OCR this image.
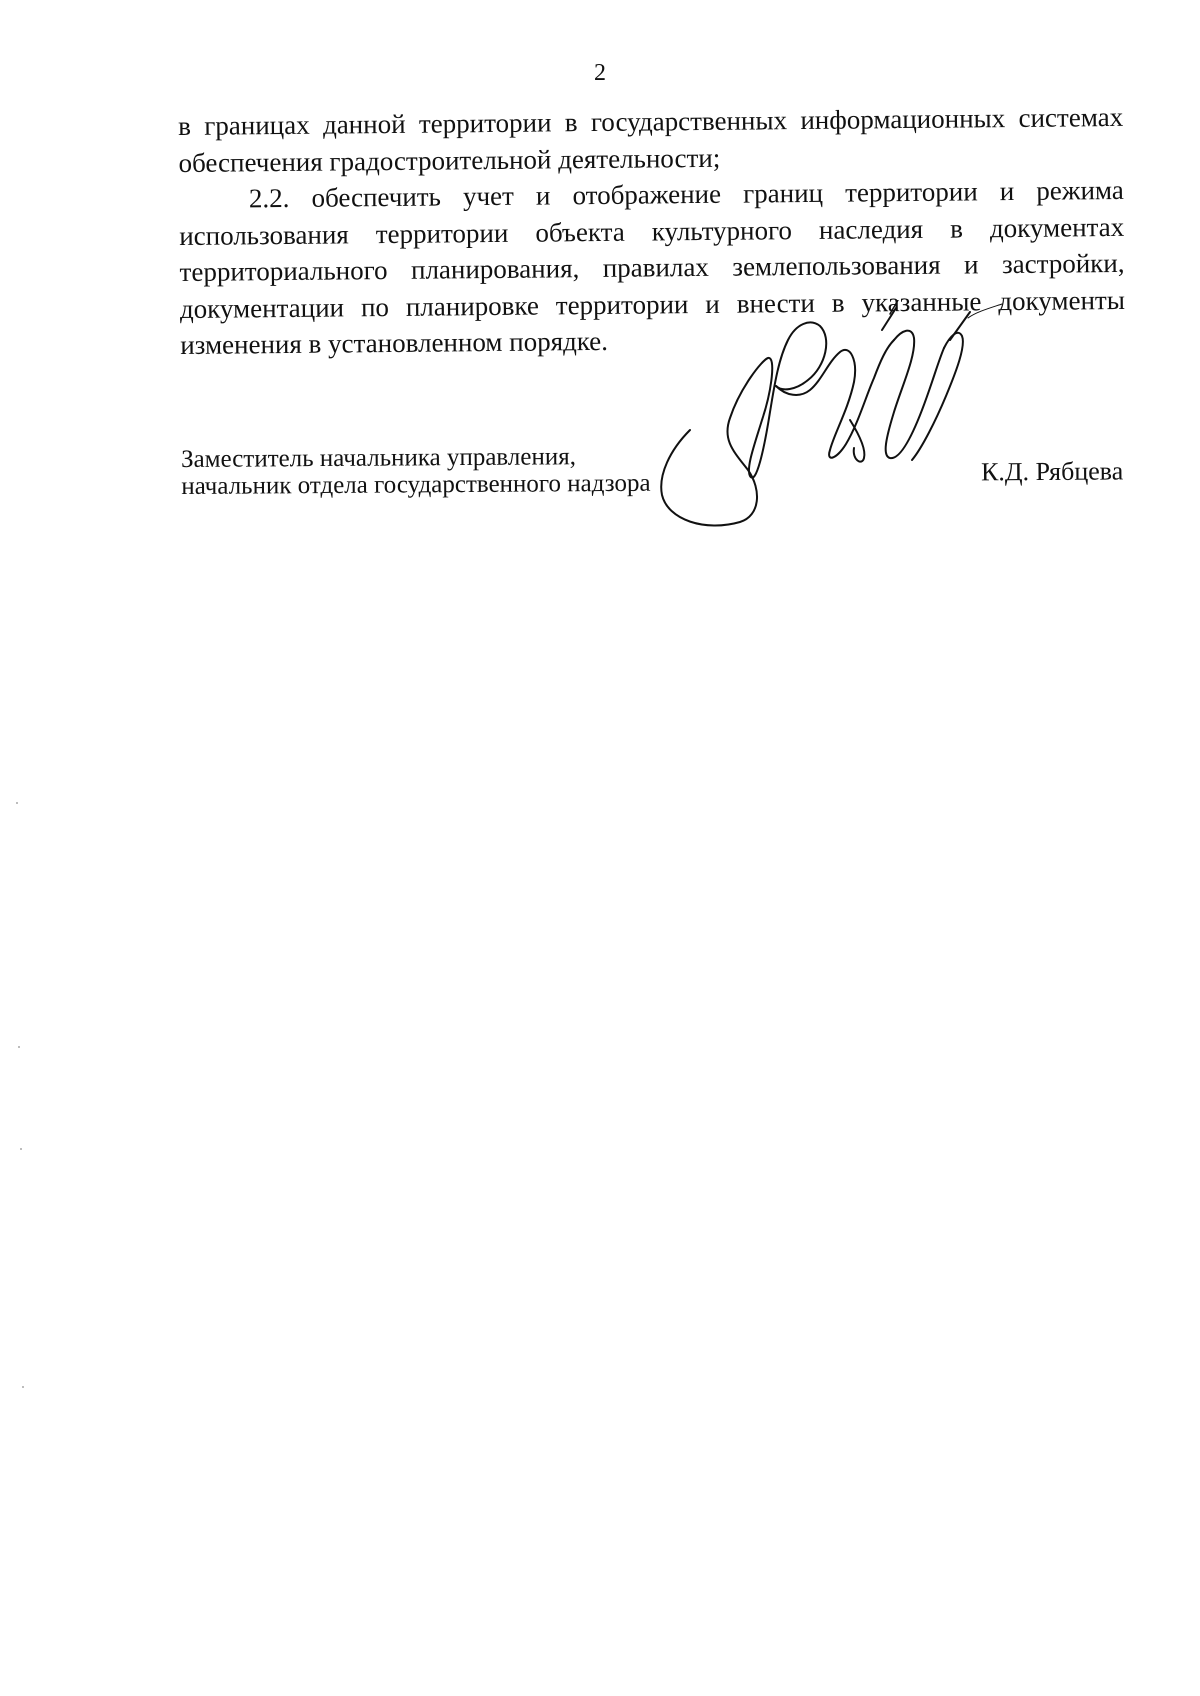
2

в границах данной территории в государственных информационных системах обеспечения градостроительной деятельности;

2.2. обеспечить учет и отображение границ территории и режима использования территории объекта культурного наследия в документах территориального планирования, правилах землепользования и застройки, документации по планировке территории и внести в указанные документы изменения в установленном порядке.

Заместитель начальника управления,
начальник отдела государственного надзора	К.Д. Рябцева
